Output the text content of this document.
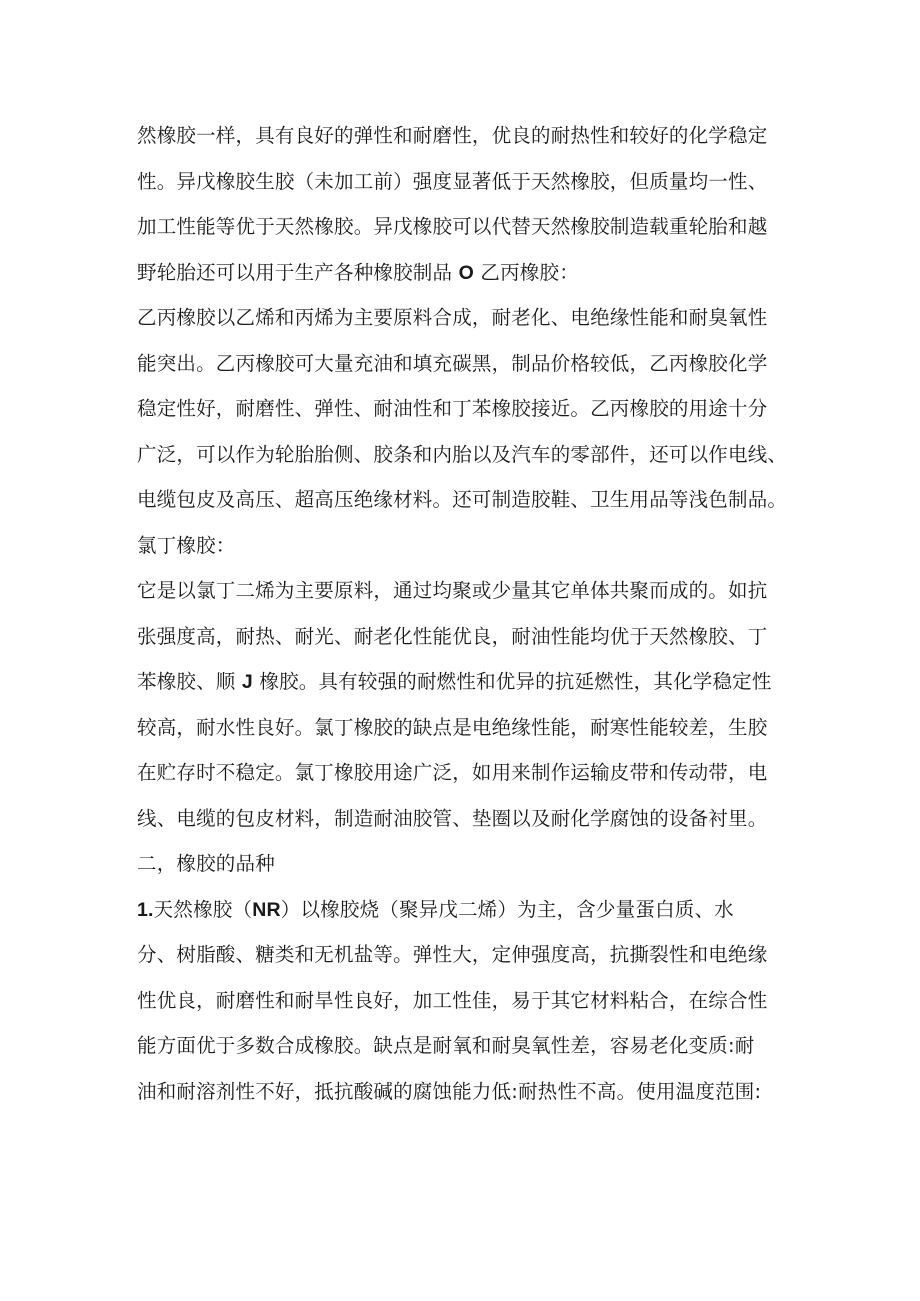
然橡胶一样，具有良好的弹性和耐磨性，优良的耐热性和较好的化学稳定
性。异戊橡胶生胶（未加工前）强度显著低于天然橡胶，但质量均一性、
加工性能等优于天然橡胶。异戊橡胶可以代替天然橡胶制造载重轮胎和越
野轮胎还可以用于生产各种橡胶制品 O 乙丙橡胶：
乙丙橡胶以乙烯和丙烯为主要原料合成，耐老化、电绝缘性能和耐臭氧性
能突出。乙丙橡胶可大量充油和填充碳黑，制品价格较低，乙丙橡胶化学
稳定性好，耐磨性、弹性、耐油性和丁苯橡胶接近。乙丙橡胶的用途十分
广泛，可以作为轮胎胎侧、胶条和内胎以及汽车的零部件，还可以作电线、
电缆包皮及高压、超高压绝缘材料。还可制造胶鞋、卫生用品等浅色制品。
氯丁橡胶：
它是以氯丁二烯为主要原料，通过均聚或少量其它单体共聚而成的。如抗
张强度高，耐热、耐光、耐老化性能优良，耐油性能均优于天然橡胶、丁
苯橡胶、顺 J 橡胶。具有较强的耐燃性和优异的抗延燃性，其化学稳定性
较高，耐水性良好。氯丁橡胶的缺点是电绝缘性能，耐寒性能较差，生胶
在贮存时不稳定。氯丁橡胶用途广泛，如用来制作运输皮带和传动带，电
线、电缆的包皮材料，制造耐油胶管、垫圈以及耐化学腐蚀的设备衬里。
二，橡胶的品种
1.天然橡胶（NR）以橡胶烧（聚异戊二烯）为主，含少量蛋白质、水
分、树脂酸、糖类和无机盐等。弹性大，定伸强度高，抗撕裂性和电绝缘
性优良，耐磨性和耐旱性良好，加工性佳，易于其它材料粘合，在综合性
能方面优于多数合成橡胶。缺点是耐氧和耐臭氧性差，容易老化变质:耐
油和耐溶剂性不好，抵抗酸碱的腐蚀能力低:耐热性不高。使用温度范围:
